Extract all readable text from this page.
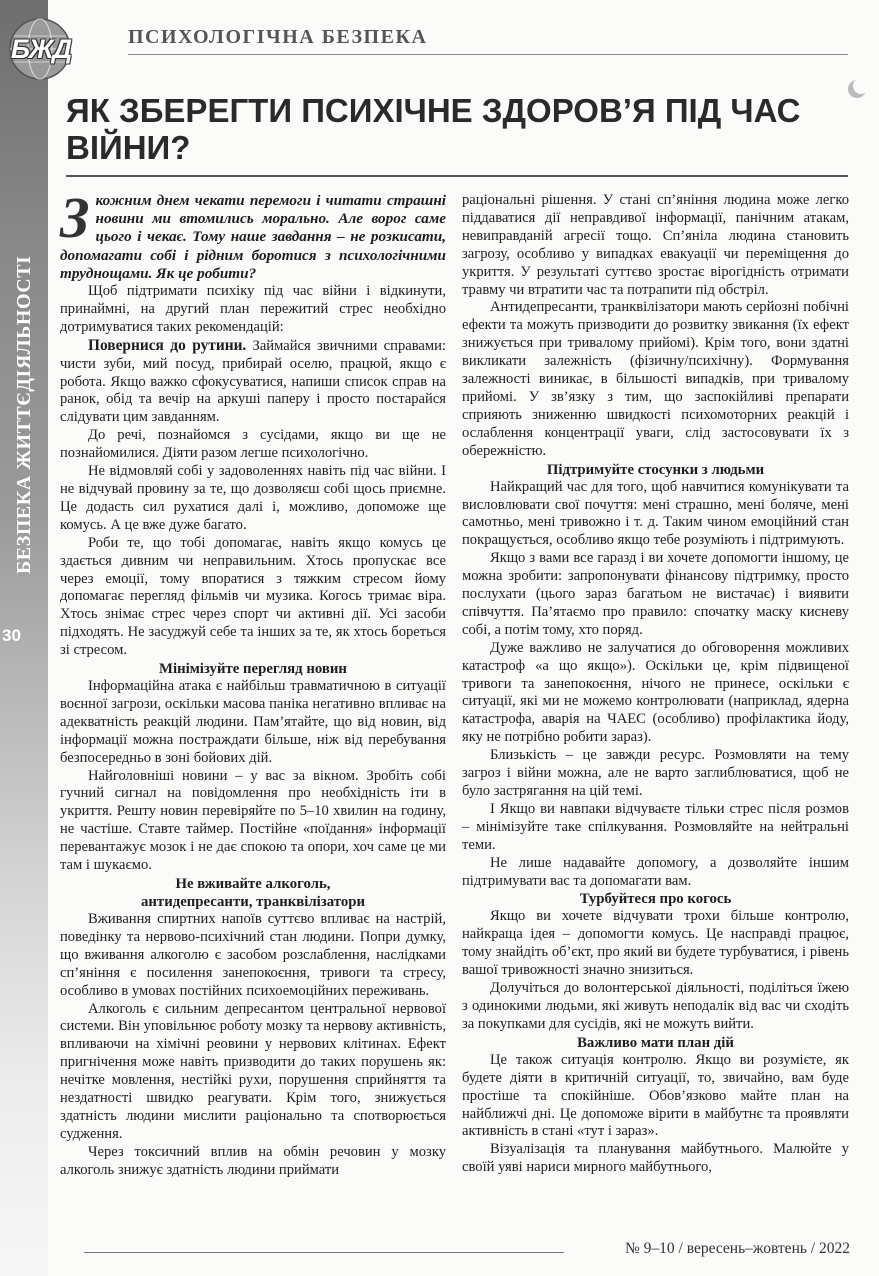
БЕЗПЕКА ЖИТТЄДІЯЛЬНОСТІ
30
БЖД	ПСИХОЛОГІЧНА БЕЗПЕКА
ЯК ЗБЕРЕГТИ ПСИХІЧНЕ ЗДОРОВ’Я ПІД ЧАС ВІЙНИ?

Зкожним днем чекати перемоги і читати страшні новини ми втомились морально. Але ворог саме цього і чекає. Тому наше завдання – не розкисати, допомагати собі і рідним боротися з психологічними труднощами. Як це робити?

Щоб підтримати психіку під час війни і відкинути, принаймні, на другий план пережитий стрес необхідно дотримуватися таких рекомендацій:

Повернися до рутини. Займайся звичними справами: чисти зуби, мий посуд, прибирай оселю, працюй, якщо є робота. Якщо важко сфокусуватися, напиши список справ на ранок, обід та вечір на аркуші паперу і просто постарайся слідувати цим завданням.

До речі, познайомся з сусідами, якщо ви ще не познайомилися. Діяти разом легше психологічно.

Не відмовляй собі у задоволеннях навіть під час війни. І не відчувай провину за те, що дозволяєш собі щось приємне. Це додасть сил рухатися далі і, можливо, допоможе ще комусь. А це вже дуже багато.

Роби те, що тобі допомагає, навіть якщо комусь це здається дивним чи неправильним. Хтось пропускає все через емоції, тому впоратися з тяжким стресом йому допомагає перегляд фільмів чи музика. Когось тримає віра. Хтось знімає стрес через спорт чи активні дії. Усі засоби підходять. Не засуджуй себе та інших за те, як хтось бореться зі стресом.

Мінімізуйте перегляд новин

Інформаційна атака є найбільш травматичною в ситуації воєнної загрози, оскільки масова паніка негативно впливає на адекватність реакцій людини. Пам’ятайте, що від новин, від інформації можна постраждати більше, ніж від перебування безпосередньо в зоні бойових дій.

Найголовніші новини – у вас за вікном. Зробіть собі гучний сигнал на повідомлення про необхідність іти в укриття. Решту новин перевіряйте по 5–10 хвилин на годину, не частіше. Ставте таймер. Постійне «поїдання» інформації перевантажує мозок і не дає спокою та опори, хоч саме це ми там і шукаємо.

Не вживайте алкоголь,
антидепресанти, транквілізатори

Вживання спиртних напоїв суттєво впливає на настрій, поведінку та нервово-психічний стан людини. Попри думку, що вживання алкоголю є засобом розслаблення, наслідками сп’яніння є посилення занепокоєння, тривоги та стресу, особливо в умовах постійних психоемоційних переживань.

Алкоголь є сильним депресантом центральної нервової системи. Він уповільнює роботу мозку та нервову активність, впливаючи на хімічні реовини у нервових клітинах. Ефект пригнічення може навіть призводити до таких порушень як: нечітке мовлення, нестійкі рухи, порушення сприйняття та нездатності швидко реагувати. Крім того, знижується здатність людини мислити раціонально та спотворюється судження.

Через токсичний вплив на обмін речовин у мозку алкоголь знижує здатність людини приймати

раціональні рішення. У стані сп’яніння людина може легко піддаватися дії неправдивої інформації, панічним атакам, невиправданій агресії тощо. Сп’яніла людина становить загрозу, особливо у випадках евакуації чи переміщення до укриття. У результаті суттєво зростає вірогідність отримати травму чи втратити час та потрапити під обстріл.

Антидепресанти, транквілізатори мають серйозні побічні ефекти та можуть призводити до розвитку звикання (їх ефект знижується при тривалому прийомі). Крім того, вони здатні викликати залежність (фізичну/психічну). Формування залежності виникає, в більшості випадків, при тривалому прийомі. У зв’язку з тим, що заспокійливі препарати сприяють зниженню швидкості психомоторних реакцій і ослаблення концентрації уваги, слід застосовувати їх з обережністю.

Підтримуйте стосунки з людьми

Найкращий час для того, щоб навчитися комунікувати та висловлювати свої почуття: мені страшно, мені боляче, мені самотньо, мені тривожно і т. д. Таким чином емоційний стан покращується, особливо якщо тебе розуміють і підтримують.

Якщо з вами все гаразд і ви хочете допомогти іншому, це можна зробити: запропонувати фінансову підтримку, просто послухати (цього зараз багатьом не вистачає) і виявити співчуття. Па’ятаємо про правило: спочатку маску кисневу собі, а потім тому, хто поряд.

Дуже важливо не залучатися до обговорення можливих катастроф «а що якщо»). Оскільки це, крім підвищеної тривоги та занепокоєння, нічого не принесе, оскільки є ситуації, які ми не можемо контролювати (наприклад, ядерна катастрофа, аварія на ЧАЕС (особливо) профілактика йоду, яку не потрібно робити зараз).

Близькість – це завжди ресурс. Розмовляти на тему загроз і війни можна, але не варто заглиблюватися, щоб не було застрягання на цій темі.

І Якщо ви навпаки відчуваєте тільки стрес після розмов – мінімізуйте таке спілкування. Розмовляйте на нейтральні теми.

Не лише надавайте допомогу, а дозволяйте іншим підтримувати вас та допомагати вам.

Турбуйтеся про когось

Якщо ви хочете відчувати трохи більше контролю, найкраща ідея – допомогти комусь. Це насправді працює, тому знайдіть об’єкт, про який ви будете турбуватися, і рівень вашої тривожності значно знизиться.

Долучіться до волонтерської діяльності, поділіться їжею з одинокими людьми, які живуть неподалік від вас чи сходіть за покупками для сусідів, які не можуть вийти.

Важливо мати план дій

Це також ситуація контролю. Якщо ви розумієте, як будете діяти в критичній ситуації, то, звичайно, вам буде простіше та спокійніше. Обов’язково майте план на найближчі дні. Це допоможе вірити в майбутнє та проявляти активність в стані «тут і зараз».

Візуалізація та планування майбутнього. Малюйте у своїй уяві нариси мирного майбутнього,

№ 9–10 / вересень–жовтень / 2022
